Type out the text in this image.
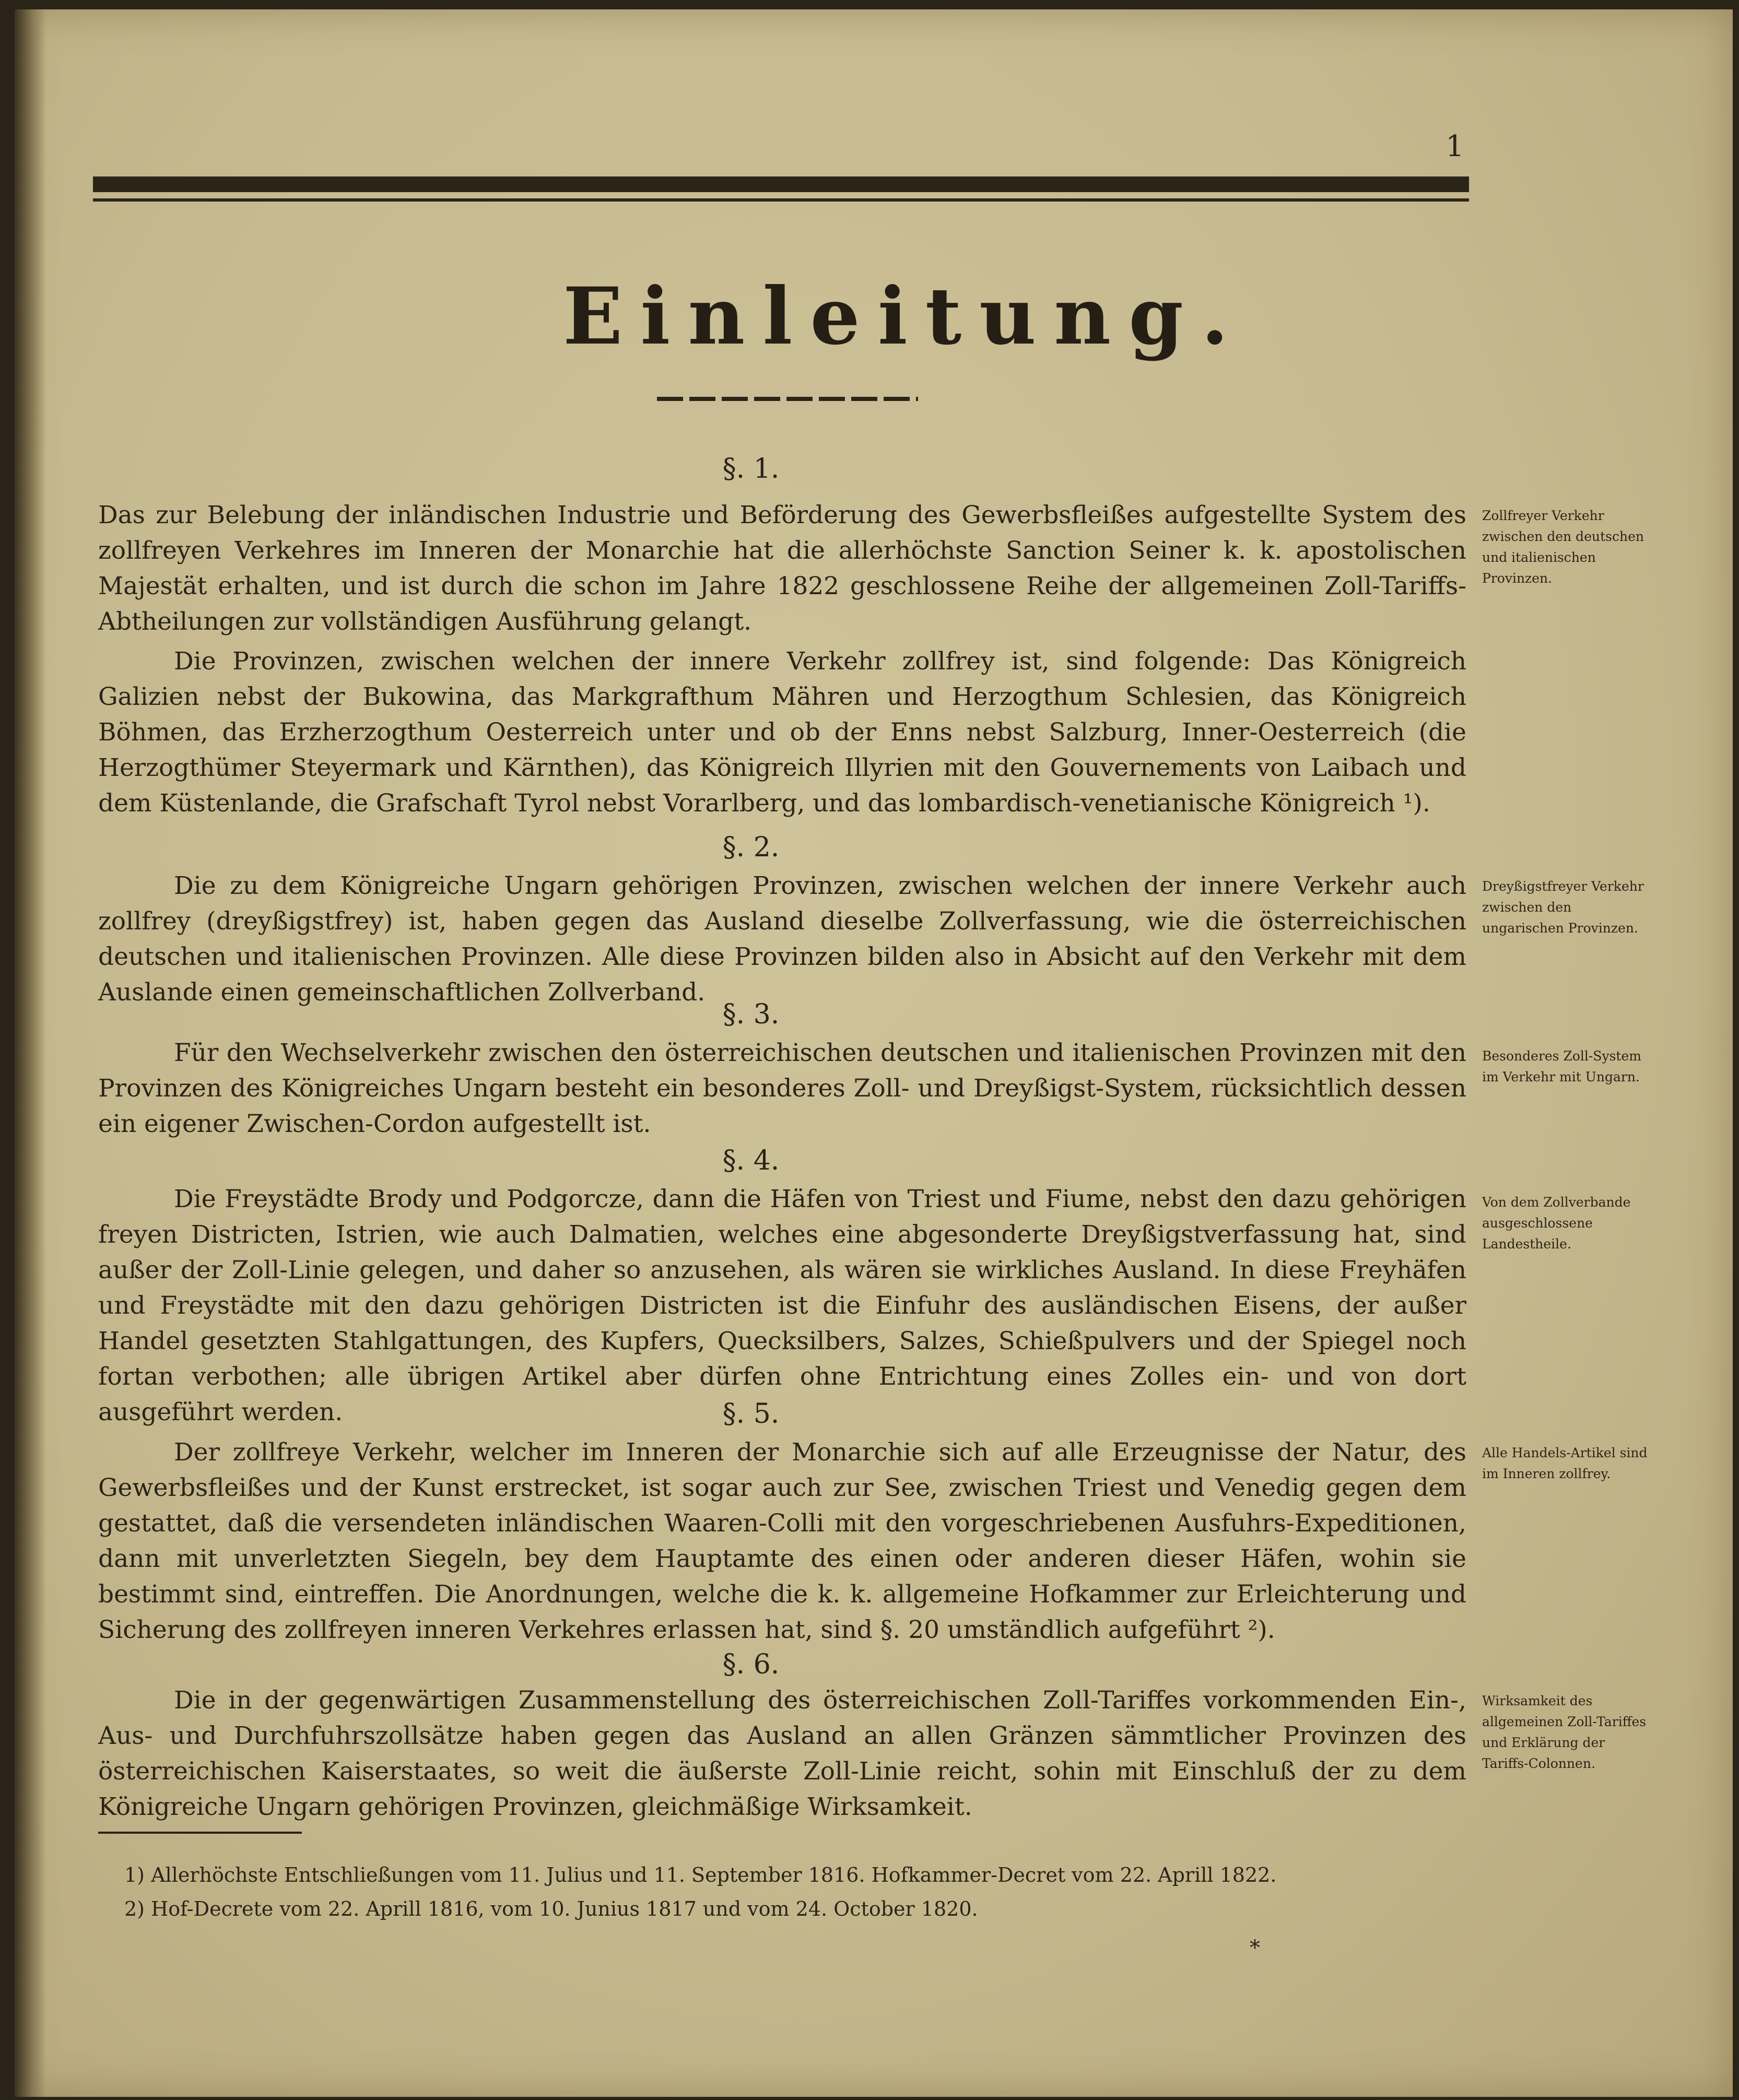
1
Einleitung.
§. 1.
Das zur Belebung der inländischen Industrie und Beförderung des Gewerbsfleißes aufgestellte System des zollfreyen Verkehres im Inneren der Monarchie hat die allerhöchste Sanction Seiner k. k. apostolischen Majestät erhalten, und ist durch die schon im Jahre 1822 geschlossene Reihe der allgemeinen Zoll-Tariffs-Abtheilungen zur vollständigen Ausführung gelangt.
Die Provinzen, zwischen welchen der innere Verkehr zollfrey ist, sind folgende: Das Königreich Galizien nebst der Bukowina, das Markgrafthum Mähren und Herzogthum Schlesien, das Königreich Böhmen, das Erzherzogthum Oesterreich unter und ob der Enns nebst Salzburg, Inner-Oesterreich (die Herzogthümer Steyermark und Kärnthen), das Königreich Illyrien mit den Gouvernements von Laibach und dem Küstenlande, die Grafschaft Tyrol nebst Vorarlberg, und das lombardisch-venetianische Königreich ¹).
Zollfreyer Verkehr zwischen den deutschen und italienischen Provinzen.
§. 2.
Die zu dem Königreiche Ungarn gehörigen Provinzen, zwischen welchen der innere Verkehr auch zollfrey (dreyßigstfrey) ist, haben gegen das Ausland dieselbe Zollverfassung, wie die österreichischen deutschen und italienischen Provinzen. Alle diese Provinzen bilden also in Absicht auf den Verkehr mit dem Auslande einen gemeinschaftlichen Zollverband.
Dreyßigstfreyer Verkehr zwischen den ungarischen Provinzen.
§. 3.
Für den Wechselverkehr zwischen den österreichischen deutschen und italienischen Provinzen mit den Provinzen des Königreiches Ungarn besteht ein besonderes Zoll- und Dreyßigst-System, rücksichtlich dessen ein eigener Zwischen-Cordon aufgestellt ist.
Besonderes Zoll-System im Verkehr mit Ungarn.
§. 4.
Die Freystädte Brody und Podgorcze, dann die Häfen von Triest und Fiume, nebst den dazu gehörigen freyen Districten, Istrien, wie auch Dalmatien, welches eine abgesonderte Dreyßigstverfassung hat, sind außer der Zoll-Linie gelegen, und daher so anzusehen, als wären sie wirkliches Ausland. In diese Freyhäfen und Freystädte mit den dazu gehörigen Districten ist die Einfuhr des ausländischen Eisens, der außer Handel gesetzten Stahlgattungen, des Kupfers, Quecksilbers, Salzes, Schießpulvers und der Spiegel noch fortan verbothen; alle übrigen Artikel aber dürfen ohne Entrichtung eines Zolles ein- und von dort ausgeführt werden.
Von dem Zollverbande ausgeschlossene Landestheile.
§. 5.
Der zollfreye Verkehr, welcher im Inneren der Monarchie sich auf alle Erzeugnisse der Natur, des Gewerbsfleißes und der Kunst erstrecket, ist sogar auch zur See, zwischen Triest und Venedig gegen dem gestattet, daß die versendeten inländischen Waaren-Colli mit den vorgeschriebenen Ausfuhrs-Expeditionen, dann mit unverletzten Siegeln, bey dem Hauptamte des einen oder anderen dieser Häfen, wohin sie bestimmt sind, eintreffen. Die Anordnungen, welche die k. k. allgemeine Hofkammer zur Erleichterung und Sicherung des zollfreyen inneren Verkehres erlassen hat, sind §. 20 umständlich aufgeführt ²).
Alle Handels-Artikel sind im Inneren zollfrey.
§. 6.
Die in der gegenwärtigen Zusammenstellung des österreichischen Zoll-Tariffes vorkommenden Ein-, Aus- und Durchfuhrszollsätze haben gegen das Ausland an allen Gränzen sämmtlicher Provinzen des österreichischen Kaiserstaates, so weit die äußerste Zoll-Linie reicht, sohin mit Einschluß der zu dem Königreiche Ungarn gehörigen Provinzen, gleichmäßige Wirksamkeit.
Wirksamkeit des allgemeinen Zoll-Tariffes und Erklärung der Tariffs-Colonnen.
1) Allerhöchste Entschließungen vom 11. Julius und 11. September 1816. Hofkammer-Decret vom 22. Aprill 1822.
2) Hof-Decrete vom 22. Aprill 1816, vom 10. Junius 1817 und vom 24. October 1820.
*
